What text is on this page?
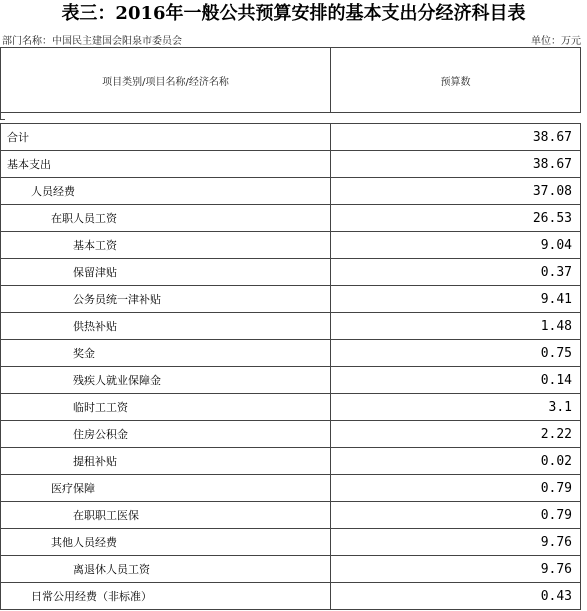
表三：2016年一般公共预算安排的基本支出分经济科目表
部门名称：中国民主建国会阳泉市委员会	单位：万元
项目类别/项目名称/经济名称	预算数
合计	38.67
基本支出	38.67
人员经费	37.08
在职人员工资	26.53
基本工资	9.04
保留津贴	0.37
公务员统一津补贴	9.41
供热补贴	1.48
奖金	0.75
残疾人就业保障金	0.14
临时工工资	3.1
住房公积金	2.22
提租补贴	0.02
医疗保障	0.79
在职职工医保	0.79
其他人员经费	9.76
离退休人员工资	9.76
日常公用经费（非标准）	0.43
